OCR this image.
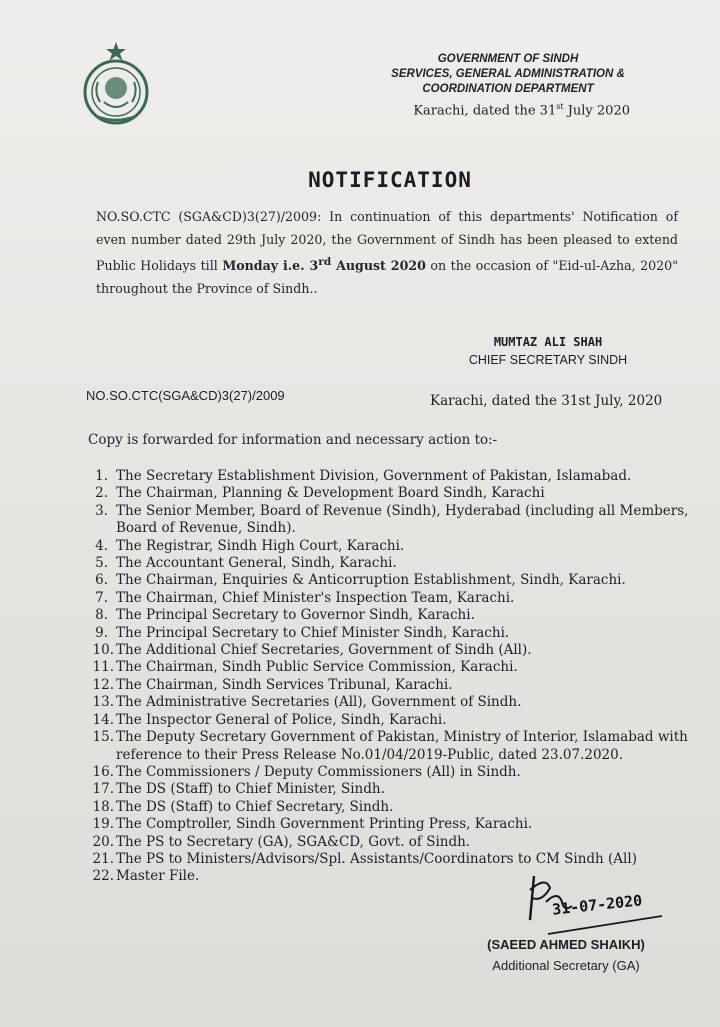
GOVERNMENT OF SINDH
SERVICES, GENERAL ADMINISTRATION &
COORDINATION DEPARTMENT
Karachi, dated the 31st July 2020
NOTIFICATION
NO.SO.CTC (SGA&CD)3(27)/2009: In continuation of this departments' Notification of even number dated 29th July 2020, the Government of Sindh has been pleased to extend Public Holidays till Monday i.e. 3rd August 2020 on the occasion of "Eid-ul-Azha, 2020" throughout the Province of Sindh..
MUMTAZ ALI SHAH
CHIEF SECRETARY SINDH
NO.SO.CTC(SGA&CD)3(27)/2009	Karachi, dated the 31st July, 2020
Copy is forwarded for information and necessary action to:-
1. The Secretary Establishment Division, Government of Pakistan, Islamabad.
2. The Chairman, Planning & Development Board Sindh, Karachi
3. The Senior Member, Board of Revenue (Sindh), Hyderabad (including all Members, Board of Revenue, Sindh).
4. The Registrar, Sindh High Court, Karachi.
5. The Accountant General, Sindh, Karachi.
6. The Chairman, Enquiries & Anticorruption Establishment, Sindh, Karachi.
7. The Chairman, Chief Minister's Inspection Team, Karachi.
8. The Principal Secretary to Governor Sindh, Karachi.
9. The Principal Secretary to Chief Minister Sindh, Karachi.
10. The Additional Chief Secretaries, Government of Sindh (All).
11. The Chairman, Sindh Public Service Commission, Karachi.
12. The Chairman, Sindh Services Tribunal, Karachi.
13. The Administrative Secretaries (All), Government of Sindh.
14. The Inspector General of Police, Sindh, Karachi.
15. The Deputy Secretary Government of Pakistan, Ministry of Interior, Islamabad with reference to their Press Release No.01/04/2019-Public, dated 23.07.2020.
16. The Commissioners / Deputy Commissioners (All) in Sindh.
17. The DS (Staff) to Chief Minister, Sindh.
18. The DS (Staff) to Chief Secretary, Sindh.
19. The Comptroller, Sindh Government Printing Press, Karachi.
20. The PS to Secretary (GA), SGA&CD, Govt. of Sindh.
21. The PS to Ministers/Advisors/Spl. Assistants/Coordinators to CM Sindh (All)
22. Master File.
31-07-2020
(SAEED AHMED SHAIKH)
Additional Secretary (GA)
